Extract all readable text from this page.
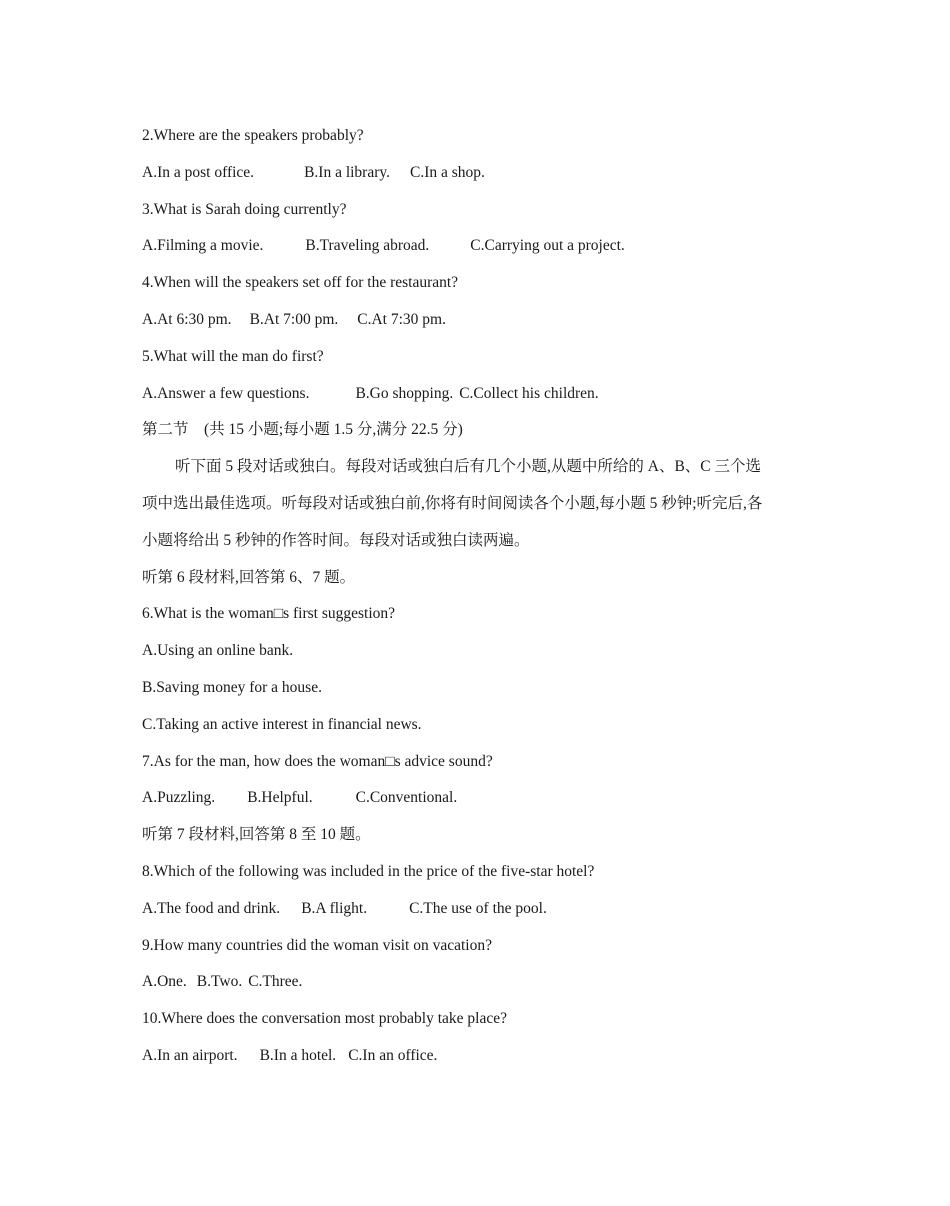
2.Where are the speakers probably?
A.In a post office.	B.In a library. C.In a shop.
3.What is Sarah doing currently?
A.Filming a movie.	B.Traveling abroad.	C.Carrying out a project.
4.When will the speakers set off for the restaurant?
A.At 6:30 pm. B.At 7:00 pm. C.At 7:30 pm.
5.What will the man do first?
A.Answer a few questions.	B.Go shopping. C.Collect his children.
第二节　(共 15 小题;每小题 1.5 分,满分 22.5 分)
听下面 5 段对话或独白。每段对话或独白后有几个小题,从题中所给的 A、B、C 三个选
项中选出最佳选项。听每段对话或独白前,你将有时间阅读各个小题,每小题 5 秒钟;听完后,各
小题将给出 5 秒钟的作答时间。每段对话或独白读两遍。
听第 6 段材料,回答第 6、7 题。
6.What is the woman□s first suggestion?
A.Using an online bank.
B.Saving money for a house.
C.Taking an active interest in financial news.
7.As for the man, how does the woman□s advice sound?
A.Puzzling. B.Helpful.	C.Conventional.
听第 7 段材料,回答第 8 至 10 题。
8.Which of the following was included in the price of the five-star hotel?
A.The food and drink. B.A flight.	C.The use of the pool.
9.How many countries did the woman visit on vacation?
A.One. B.Two. C.Three.
10.Where does the conversation most probably take place?
A.In an airport. B.In a hotel. C.In an office.
